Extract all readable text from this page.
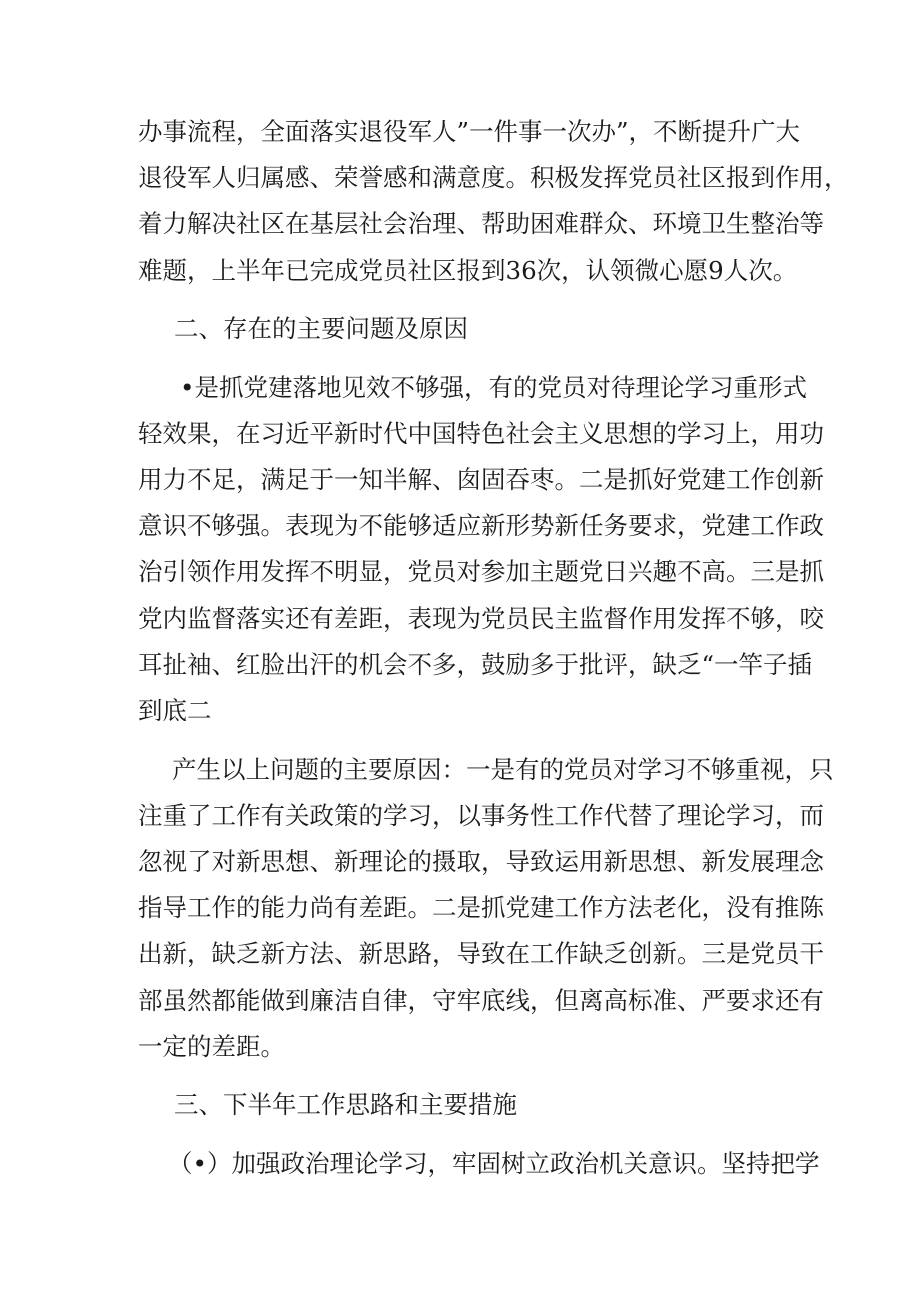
办事流程，全面落实退役军人”一件事一次办”，不断提升广大

退役军人归属感、荣誉感和满意度。积极发挥党员社区报到作用，

着力解决社区在基层社会治理、帮助困难群众、环境卫生整治等

难题，上半年已完成党员社区报到36次，认领微心愿9人次。

二、存在的主要问题及原因

•是抓党建落地见效不够强，有的党员对待理论学习重形式

轻效果，在习近平新时代中国特色社会主义思想的学习上，用功

用力不足，满足于一知半解、囱固吞枣。二是抓好党建工作创新

意识不够强。表现为不能够适应新形势新任务要求，党建工作政

治引领作用发挥不明显，党员对参加主题党日兴趣不高。三是抓

党内监督落实还有差距，表现为党员民主监督作用发挥不够，咬

耳扯袖、红脸出汗的机会不多，鼓励多于批评，缺乏“一竿子插

到底二

产生以上问题的主要原因：一是有的党员对学习不够重视，只

注重了工作有关政策的学习，以事务性工作代替了理论学习，而

忽视了对新思想、新理论的摄取，导致运用新思想、新发展理念

指导工作的能力尚有差距。二是抓党建工作方法老化，没有推陈

出新，缺乏新方法、新思路，导致在工作缺乏创新。三是党员干

部虽然都能做到廉洁自律，守牢底线，但离高标准、严要求还有

一定的差距。

三、下半年工作思路和主要措施

（•）加强政治理论学习，牢固树立政治机关意识。坚持把学
